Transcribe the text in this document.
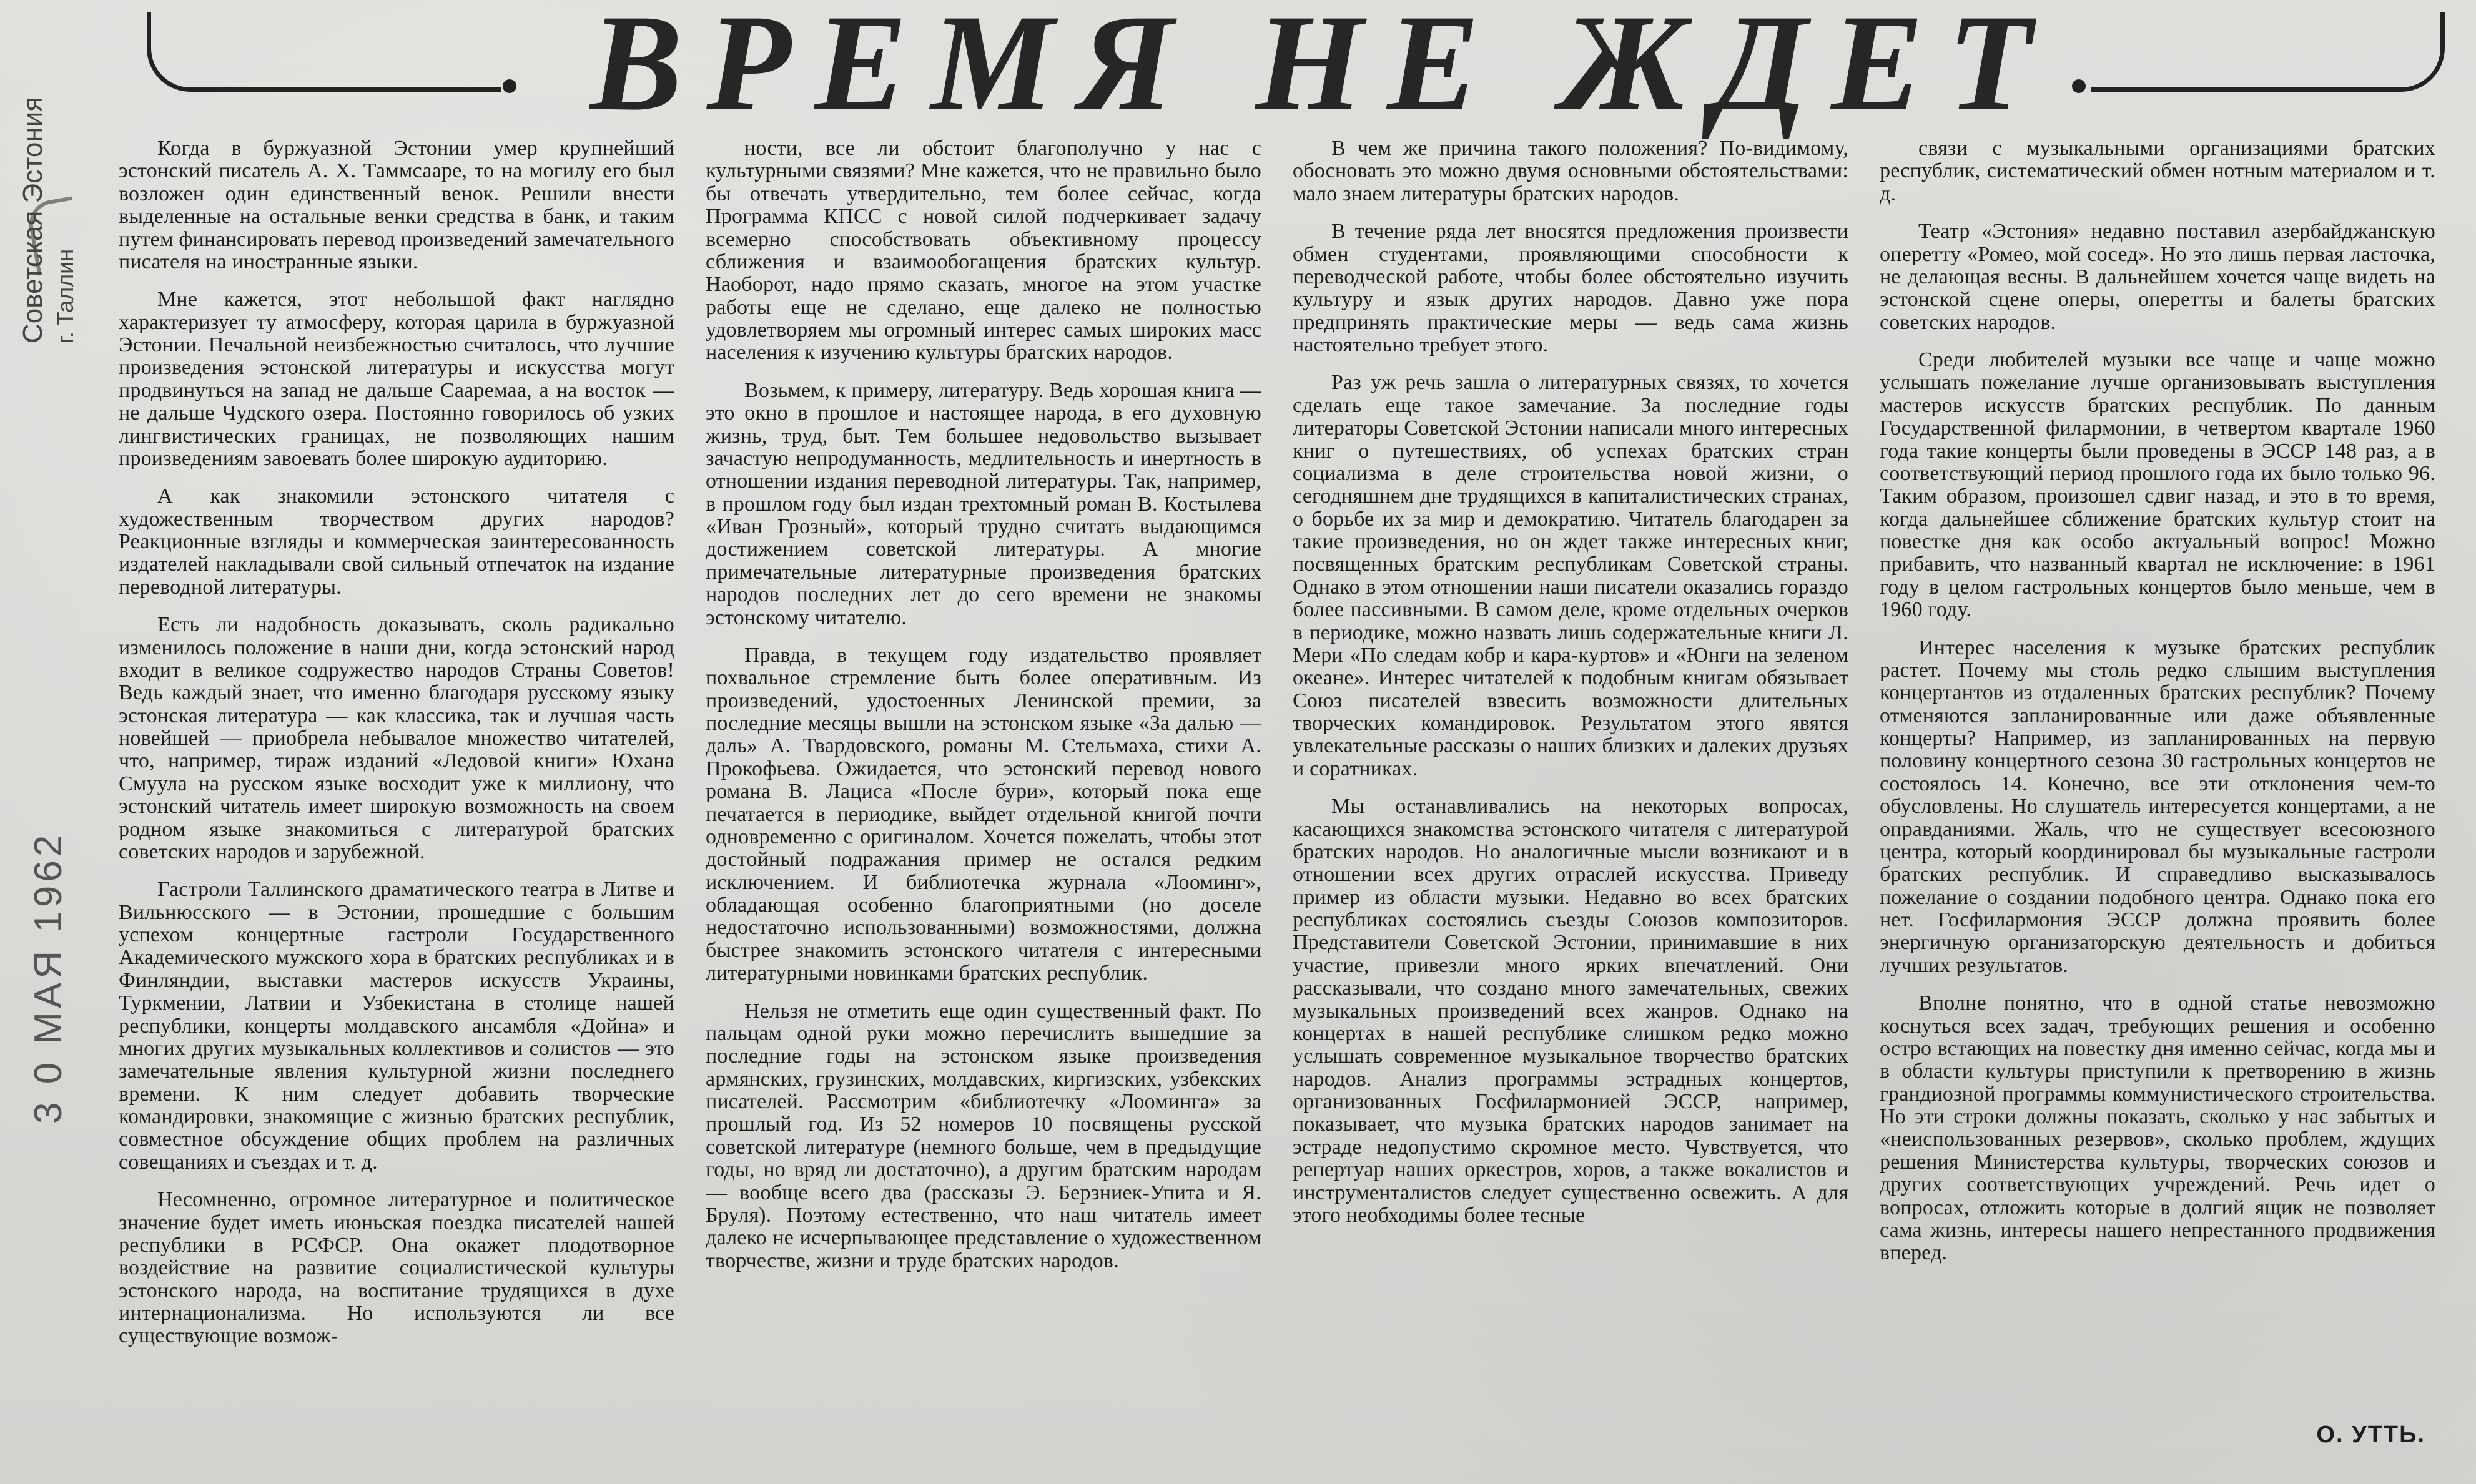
ВРЕМЯ НЕ ЖДЕТ
Советская Эстония г. Таллин
3 0 МАЯ 1962

Когда в буржуазной Эстонии умер крупнейший эстонский писатель А. Х. Таммсааре, то на могилу его был возложен один единственный венок. Решили внести выделенные на остальные венки средства в банк, и таким путем финансировать перевод произведений замечательного писателя на иностранные языки.

Мне кажется, этот небольшой факт наглядно характеризует ту атмосферу, которая царила в буржуазной Эстонии. Печальной неизбежностью считалось, что лучшие произведения эстонской литературы и искусства могут продвинуться на запад не дальше Сааремаа, а на восток — не дальше Чудского озера. Постоянно говорилось об узких лингвистических границах, не позволяющих нашим произведениям завоевать более широкую аудиторию.

А как знакомили эстонского читателя с художественным творчеством других народов? Реакционные взгляды и коммерческая заинтересованность издателей накладывали свой сильный отпечаток на издание переводной литературы.

Есть ли надобность доказывать, сколь радикально изменилось положение в наши дни, когда эстонский народ входит в великое содружество народов Страны Советов! Ведь каждый знает, что именно благодаря русскому языку эстонская литература — как классика, так и лучшая часть новейшей — приобрела небывалое множество читателей, что, например, тираж изданий «Ледовой книги» Юхана Смуула на русском языке восходит уже к миллиону, что эстонский читатель имеет широкую возможность на своем родном языке знакомиться с литературой братских советских народов и зарубежной.

Гастроли Таллинского драматического театра в Литве и Вильнюсского — в Эстонии, прошедшие с большим успехом концертные гастроли Государственного Академического мужского хора в братских республиках и в Финляндии, выставки мастеров искусств Украины, Туркмении, Латвии и Узбекистана в столице нашей республики, концерты молдавского ансамбля «Дойна» и многих других музыкальных коллективов и солистов — это замечательные явления культурной жизни последнего времени. К ним следует добавить творческие командировки, знакомящие с жизнью братских республик, совместное обсуждение общих проблем на различных совещаниях и съездах и т. д.

Несомненно, огромное литературное и политическое значение будет иметь июньская поездка писателей нашей республики в РСФСР. Она окажет плодотворное воздействие на развитие социалистической культуры эстонского народа, на воспитание трудящихся в духе интернационализма. Но используются ли все существующие возмож-

ности, все ли обстоит благополучно у нас с культурными связями? Мне кажется, что не правильно было бы отвечать утвердительно, тем более сейчас, когда Программа КПСС с новой силой подчеркивает задачу всемерно способствовать объективному процессу сближения и взаимообогащения братских культур. Наоборот, надо прямо сказать, многое на этом участке работы еще не сделано, еще далеко не полностью удовлетворяем мы огромный интерес самых широких масс населения к изучению культуры братских народов.

Возьмем, к примеру, литературу. Ведь хорошая книга — это окно в прошлое и настоящее народа, в его духовную жизнь, труд, быт. Тем большее недовольство вызывает зачастую непродуманность, медлительность и инертность в отношении издания переводной литературы. Так, например, в прошлом году был издан трехтомный роман В. Костылева «Иван Грозный», который трудно считать выдающимся достижением советской литературы. А многие примечательные литературные произведения братских народов последних лет до сего времени не знакомы эстонскому читателю.

Правда, в текущем году издательство проявляет похвальное стремление быть более оперативным. Из произведений, удостоенных Ленинской премии, за последние месяцы вышли на эстонском языке «За далью — даль» А. Твардовского, романы М. Стельмаха, стихи А. Прокофьева. Ожидается, что эстонский перевод нового романа В. Лациса «После бури», который пока еще печатается в периодике, выйдет отдельной книгой почти одновременно с оригиналом. Хочется пожелать, чтобы этот достойный подражания пример не остался редким исключением. И библиотечка журнала «Лооминг», обладающая особенно благоприятными (но доселе недостаточно использованными) возможностями, должна быстрее знакомить эстонского читателя с интересными литературными новинками братских республик.

Нельзя не отметить еще один существенный факт. По пальцам одной руки можно перечислить вышедшие за последние годы на эстонском языке произведения армянских, грузинских, молдавских, киргизских, узбекских писателей. Рассмотрим «библиотечку «Лооминга» за прошлый год. Из 52 номеров 10 посвящены русской советской литературе (немного больше, чем в предыдущие годы, но вряд ли достаточно), а другим братским народам — вообще всего два (рассказы Э. Берзниек-Упита и Я. Бруля). Поэтому естественно, что наш читатель имеет далеко не исчерпывающее представление о художественном творчестве, жизни и труде братских народов.

В чем же причина такого положения? По-видимому, обосновать это можно двумя основными обстоятельствами: мало знаем литературы братских народов.

В течение ряда лет вносятся предложения произвести обмен студентами, проявляющими способности к переводческой работе, чтобы более обстоятельно изучить культуру и язык других народов. Давно уже пора предпринять практические меры — ведь сама жизнь настоятельно требует этого.

Раз уж речь зашла о литературных связях, то хочется сделать еще такое замечание. За последние годы литераторы Советской Эстонии написали много интересных книг о путешествиях, об успехах братских стран социализма в деле строительства новой жизни, о сегодняшнем дне трудящихся в капиталистических странах, о борьбе их за мир и демократию. Читатель благодарен за такие произведения, но он ждет также интересных книг, посвященных братским республикам Советской страны. Однако в этом отношении наши писатели оказались гораздо более пассивными. В самом деле, кроме отдельных очерков в периодике, можно назвать лишь содержательные книги Л. Мери «По следам кобр и кара-куртов» и «Юнги на зеленом океане». Интерес читателей к подобным книгам обязывает Союз писателей взвесить возможности длительных творческих командировок. Результатом этого явятся увлекательные рассказы о наших близких и далеких друзьях и соратниках.

Мы останавливались на некоторых вопросах, касающихся знакомства эстонского читателя с литературой братских народов. Но аналогичные мысли возникают и в отношении всех других отраслей искусства. Приведу пример из области музыки. Недавно во всех братских республиках состоялись съезды Союзов композиторов. Представители Советской Эстонии, принимавшие в них участие, привезли много ярких впечатлений. Они рассказывали, что создано много замечательных, свежих музыкальных произведений всех жанров. Однако на концертах в нашей республике слишком редко можно услышать современное музыкальное творчество братских народов. Анализ программы эстрадных концертов, организованных Госфилармонией ЭССР, например, показывает, что музыка братских народов занимает на эстраде недопустимо скромное место. Чувствуется, что репертуар наших оркестров, хоров, а также вокалистов и инструменталистов следует существенно освежить. А для этого необходимы более тесные

связи с музыкальными организациями братских республик, систематический обмен нотным материалом и т. д.

Театр «Эстония» недавно поставил азербайджанскую оперетту «Ромео, мой сосед». Но это лишь первая ласточка, не делающая весны. В дальнейшем хочется чаще видеть на эстонской сцене оперы, оперетты и балеты братских советских народов.

Среди любителей музыки все чаще и чаще можно услышать пожелание лучше организовывать выступления мастеров искусств братских республик. По данным Государственной филармонии, в четвертом квартале 1960 года такие концерты были проведены в ЭССР 148 раз, а в соответствующий период прошлого года их было только 96. Таким образом, произошел сдвиг назад, и это в то время, когда дальнейшее сближение братских культур стоит на повестке дня как особо актуальный вопрос! Можно прибавить, что названный квартал не исключение: в 1961 году в целом гастрольных концертов было меньше, чем в 1960 году.

Интерес населения к музыке братских республик растет. Почему мы столь редко слышим выступления концертантов из отдаленных братских республик? Почему отменяются запланированные или даже объявленные концерты? Например, из запланированных на первую половину концертного сезона 30 гастрольных концертов не состоялось 14. Конечно, все эти отклонения чем-то обусловлены. Но слушатель интересуется концертами, а не оправданиями. Жаль, что не существует всесоюзного центра, который координировал бы музыкальные гастроли братских республик. И справедливо высказывалось пожелание о создании подобного центра. Однако пока его нет. Госфилармония ЭССР должна проявить более энергичную организаторскую деятельность и добиться лучших результатов.

Вполне понятно, что в одной статье невозможно коснуться всех задач, требующих решения и особенно остро встающих на повестку дня именно сейчас, когда мы и в области культуры приступили к претворению в жизнь грандиозной программы коммунистического строительства. Но эти строки должны показать, сколько у нас забытых и «неиспользованных резервов», сколько проблем, ждущих решения Министерства культуры, творческих союзов и других соответствующих учреждений. Речь идет о вопросах, отложить которые в долгий ящик не позволяет сама жизнь, интересы нашего непрестанного продвижения вперед.

О. УТТЬ.
